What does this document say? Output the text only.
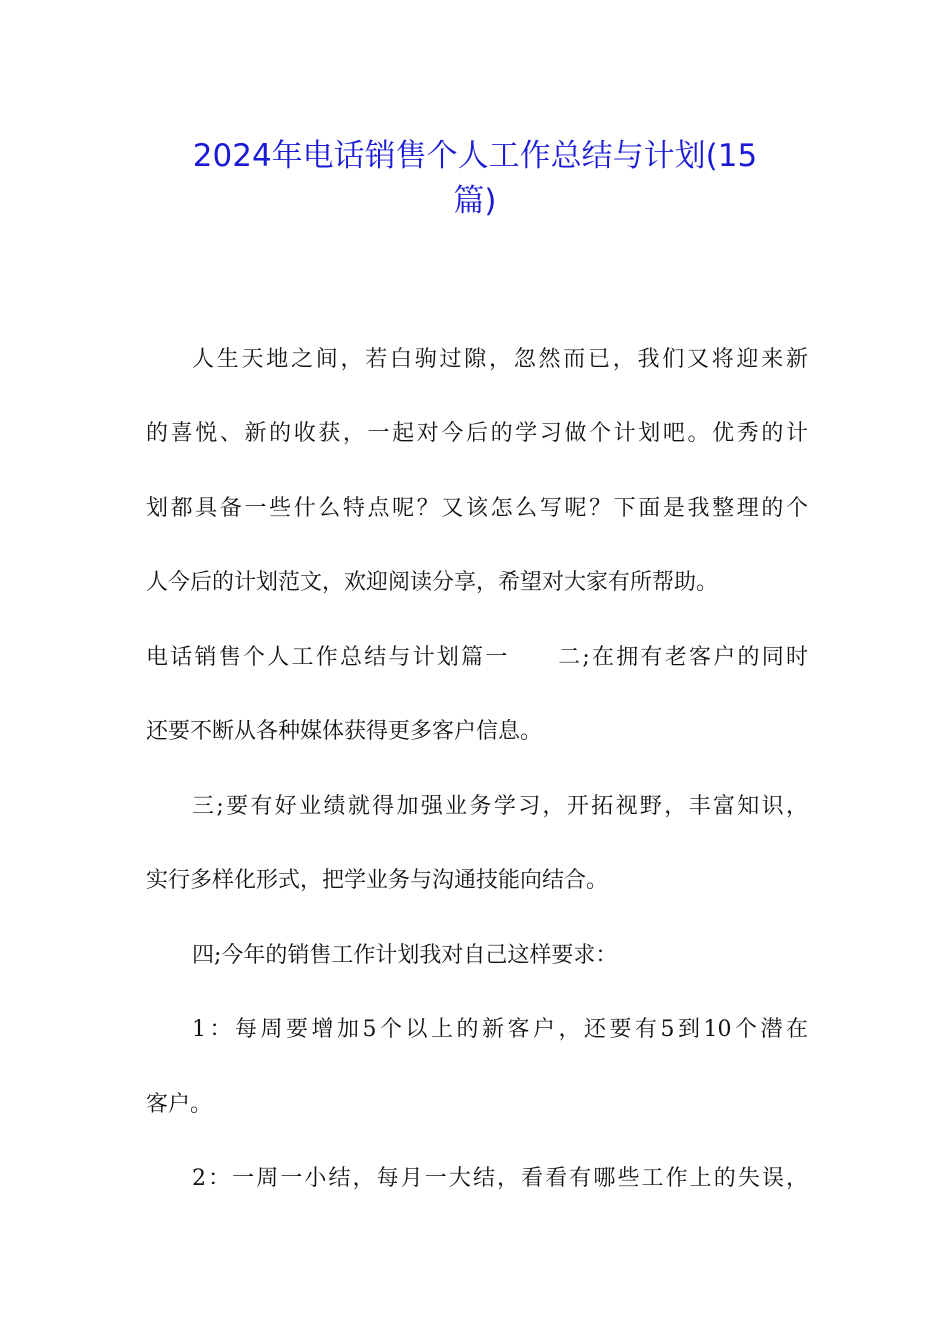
2024年电话销售个人工作总结与计划(15
篇)
人生天地之间，若白驹过隙，忽然而已，我们又将迎来新
的喜悦、新的收获，一起对今后的学习做个计划吧。优秀的计
划都具备一些什么特点呢？又该怎么写呢？下面是我整理的个
人今后的计划范文，欢迎阅读分享，希望对大家有所帮助。
电话销售个人工作总结与计划篇一　　二;在拥有老客户的同时
还要不断从各种媒体获得更多客户信息。
三;要有好业绩就得加强业务学习，开拓视野，丰富知识，
实行多样化形式，把学业务与沟通技能向结合。
四;今年的销售工作计划我对自己这样要求：
1：每周要增加5个以上的新客户，还要有5到10个潜在
客户。
2：一周一小结，每月一大结，看看有哪些工作上的失误，
